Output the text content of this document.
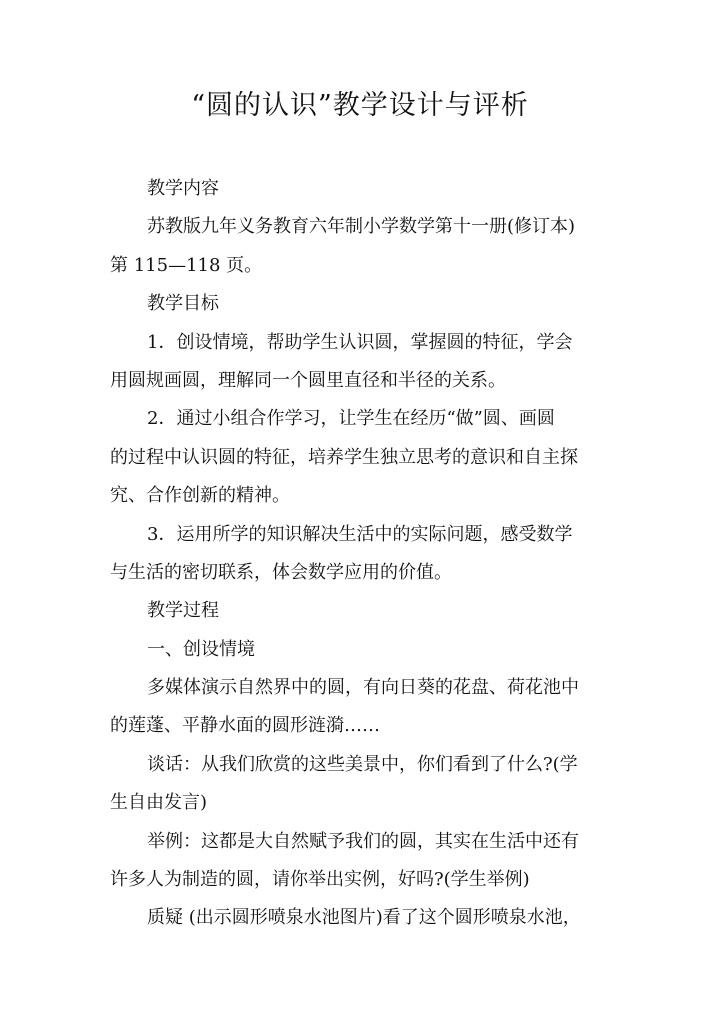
“圆的认识”教学设计与评析
教学内容
苏教版九年义务教育六年制小学数学第十一册(修订本)
第 115—118 页。
教学目标
1．创设情境，帮助学生认识圆，掌握圆的特征，学会
用圆规画圆，理解同一个圆里直径和半径的关系。
2．通过小组合作学习，让学生在经历“做”圆、画圆
的过程中认识圆的特征，培养学生独立思考的意识和自主探
究、合作创新的精神。
3．运用所学的知识解决生活中的实际问题，感受数学
与生活的密切联系，体会数学应用的价值。
教学过程
一、创设情境
多媒体演示自然界中的圆，有向日葵的花盘、荷花池中
的莲蓬、平静水面的圆形涟漪……
谈话：从我们欣赏的这些美景中，你们看到了什么?(学
生自由发言)
举例：这都是大自然赋予我们的圆，其实在生活中还有
许多人为制造的圆，请你举出实例，好吗?(学生举例)
质疑 (出示圆形喷泉水池图片)看了这个圆形喷泉水池，
